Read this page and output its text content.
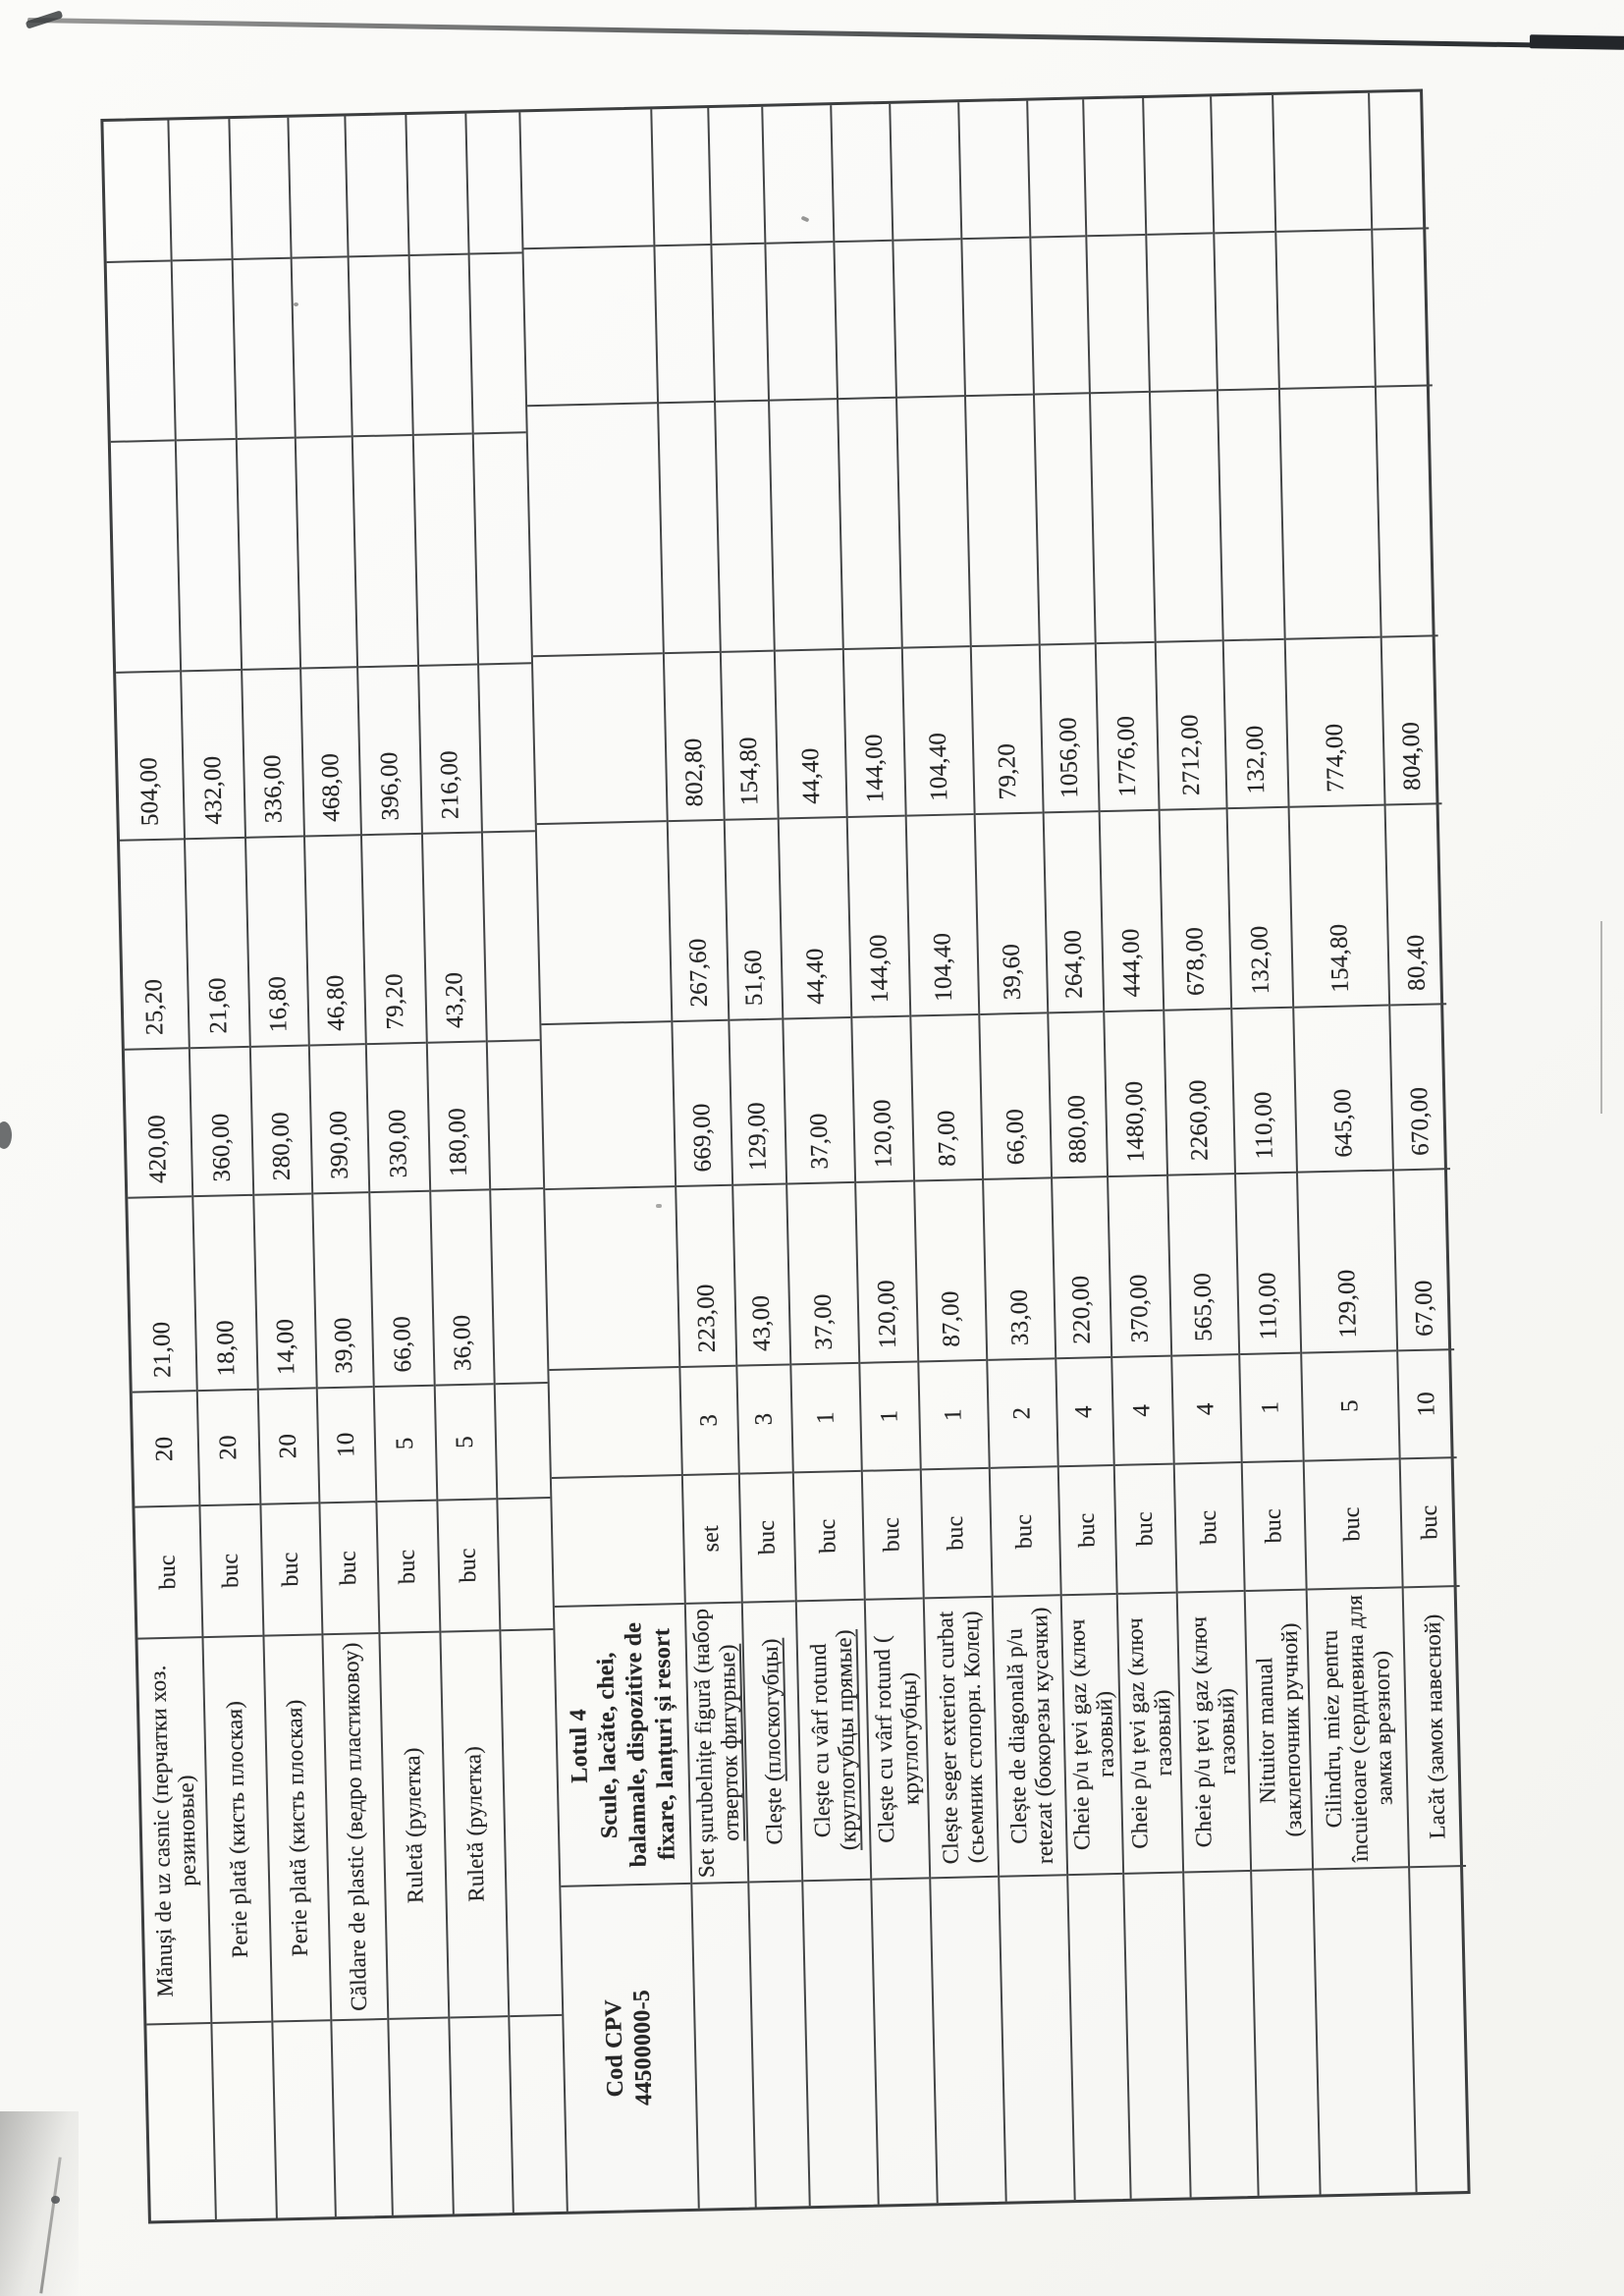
Mănuși de uz casnic (перчатки хоз. резиновые)
buc
20
21,00
420,00
25,20
504,00
Perie plată (кисть плоская)
buc
20
18,00
360,00
21,60
432,00
Perie plată (кисть плоская)
buc
20
14,00
280,00
16,80
336,00
Căldare de plastic (ведро пластиковоу)
buc
10
39,00
390,00
46,80
468,00
Ruletă (рулетка)
buc
5
66,00
330,00
79,20
396,00
Ruletă (рулетка)
buc
5
36,00
180,00
43,20
216,00
Cod CPV 44500000-5
Lotul 4 Scule, lacăte, chei, balamale, dispozitive de fixare, lanțuri și resort Set șurubelnițe figură (набор отверток фигурные)
set
3
223,00
669,00
267,60
802,80
Clește (плоскогубцы)
buc
3
43,00
129,00
51,60
154,80
Clește cu vârf rotund (круглогубцы прямые)
buc
1
37,00
37,00
44,40
44,40
Clește cu vârf rotund ( круглогубцы)
buc
1
120,00
120,00
144,00
144,00
Clește seger exterior curbat (сьемник стопорн. Колец)
buc
1
87,00
87,00
104,40
104,40
Clește de diagonală p/u retezat (бокорезы кусачки)
buc
2
33,00
66,00
39,60
79,20
Cheie p/u țevi gaz (ключ газовый)
buc
4
220,00
880,00
264,00
1056,00
Cheie p/u țevi gaz (ключ газовый)
buc
4
370,00
1480,00
444,00
1776,00
Cheie p/u țevi gaz (ключ газовый)
buc
4
565,00
2260,00
678,00
2712,00
Nituitor manual (заклепочник ручной)
buc
1
110,00
110,00
132,00
132,00
Cilindru, miez pentru încuietoare (сердцевина для замка врезного)
buc
5
129,00
645,00
154,80
774,00
Lacăt (замок навесной)
buc
10
67,00
670,00
80,40
804,00
